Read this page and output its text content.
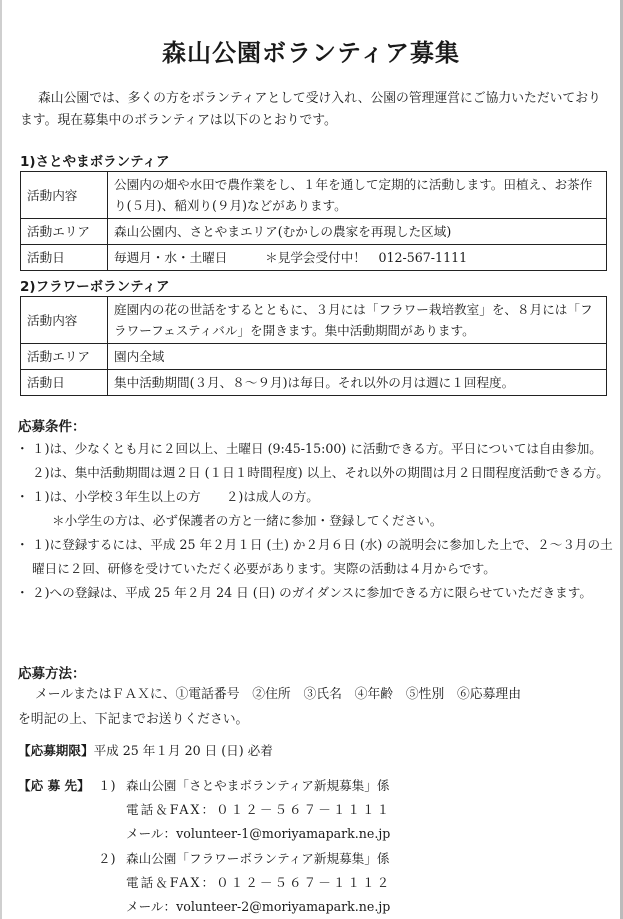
森山公園ボランティア募集
森山公園では、多くの方をボランティアとして受け入れ、公園の管理運営にご協力いただいております。現在募集中のボランティアは以下のとおりです。
1)さとやまボランティア
活動内容	公園内の畑や水田で農作業をし、１年を通して定期的に活動します。田植え、お茶作り(５月)、稲刈り(９月)などがあります。
活動エリア	森山公園内、さとやまエリア(むかしの農家を再現した区域)
活動日	毎週月・水・土曜日　　　＊見学会受付中！　012-567-1111
2)フラワーボランティア
活動内容	庭園内の花の世話をするとともに、３月には「フラワー栽培教室」を、８月には「フラワーフェスティバル」を開きます。集中活動期間があります。
活動エリア	園内全域
活動日	集中活動期間(３月、８～９月)は毎日。それ以外の月は週に１回程度。
応募条件：
・ １)は、少なくとも月に２回以上、土曜日 (9:45-15:00) に活動できる方。平日については自由参加。２)は、集中活動期間は週２日 (１日１時間程度) 以上、それ以外の期間は月２日間程度活動できる方。
・ １)は、小学校３年生以上の方　　２)は成人の方。
＊小学生の方は、必ず保護者の方と一緒に参加・登録してください。
・ １)に登録するには、平成 25 年２月１日 (土) か２月６日 (水) の説明会に参加した上で、２～３月の土曜日に２回、研修を受けていただく必要があります。実際の活動は４月からです。
・ ２)への登録は、平成 25 年２月 24 日 (日) のガイダンスに参加できる方に限らせていただきます。
応募方法：
メールまたはＦＡＸに、①電話番号　②住所　③氏名　④年齢　⑤性別　⑥応募理由
を明記の上、下記までお送りください。
【応募期限】平成 25 年１月 20 日 (日) 必着
【応 募 先】 １) 森山公園「さとやまボランティア新規募集」係
電話＆FAX：０１２－５６７－１１１１
メール：volunteer-1@moriyamapark.ne.jp
２) 森山公園「フラワーボランティア新規募集」係
電話＆FAX：０１２－５６７－１１１２
メール：volunteer-2@moriyamapark.ne.jp
